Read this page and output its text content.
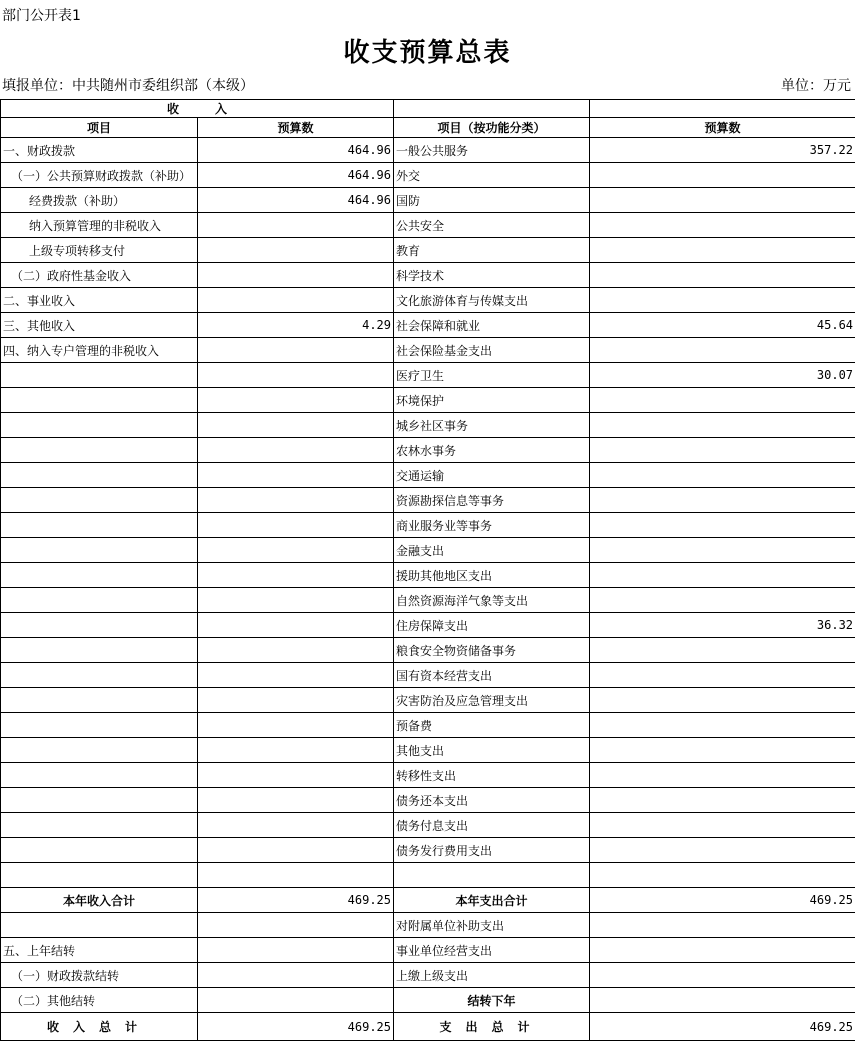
部门公开表1
收支预算总表
填报单位：中共随州市委组织部（本级）	单位：万元
收　　　入			
项目	预算数	项目（按功能分类）	预算数
一、财政拨款	464.96	一般公共服务	357.22
（一）公共预算财政拨款（补助）	464.96	外交	
经费拨款（补助）	464.96	国防	
纳入预算管理的非税收入		公共安全	
上级专项转移支付		教育	
（二）政府性基金收入		科学技术	
二、事业收入		文化旅游体育与传媒支出	
三、其他收入	4.29	社会保障和就业	45.64
四、纳入专户管理的非税收入		社会保险基金支出	
		医疗卫生	30.07
		环境保护	
		城乡社区事务	
		农林水事务	
		交通运输	
		资源勘探信息等事务	
		商业服务业等事务	
		金融支出	
		援助其他地区支出	
		自然资源海洋气象等支出	
		住房保障支出	36.32
		粮食安全物资储备事务	
		国有资本经营支出	
		灾害防治及应急管理支出	
		预备费	
		其他支出	
		转移性支出	
		债务还本支出	
		债务付息支出	
		债务发行费用支出	

本年收入合计	469.25	本年支出合计	469.25
		对附属单位补助支出	
五、上年结转		事业单位经营支出	
（一）财政拨款结转		上缴上级支出	
（二）其他结转		结转下年	
收入总计	469.25	支出总计	469.25
